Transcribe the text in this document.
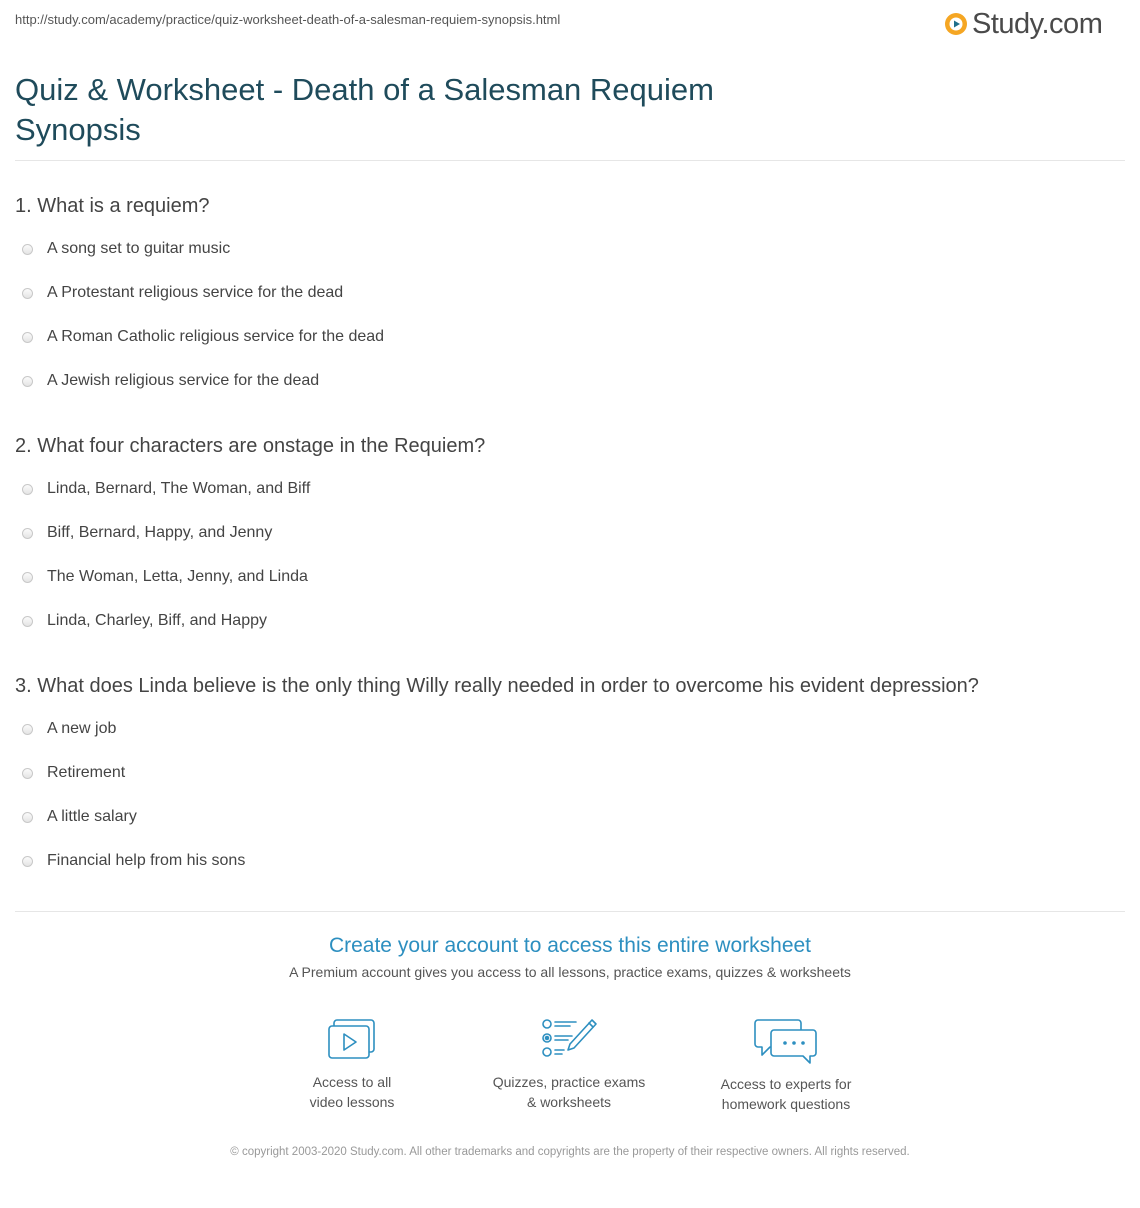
http://study.com/academy/practice/quiz-worksheet-death-of-a-salesman-requiem-synopsis.html	Study.com
Quiz & Worksheet - Death of a Salesman Requiem Synopsis
1. What is a requiem?
A song set to guitar music
A Protestant religious service for the dead
A Roman Catholic religious service for the dead
A Jewish religious service for the dead
2. What four characters are onstage in the Requiem?
Linda, Bernard, The Woman, and Biff
Biff, Bernard, Happy, and Jenny
The Woman, Letta, Jenny, and Linda
Linda, Charley, Biff, and Happy
3. What does Linda believe is the only thing Willy really needed in order to overcome his evident depression?
A new job
Retirement
A little salary
Financial help from his sons
Create your account to access this entire worksheet
A Premium account gives you access to all lessons, practice exams, quizzes & worksheets
Access to all
video lessons
Quizzes, practice exams
& worksheets
Access to experts for
homework questions
© copyright 2003-2020 Study.com. All other trademarks and copyrights are the property of their respective owners. All rights reserved.
